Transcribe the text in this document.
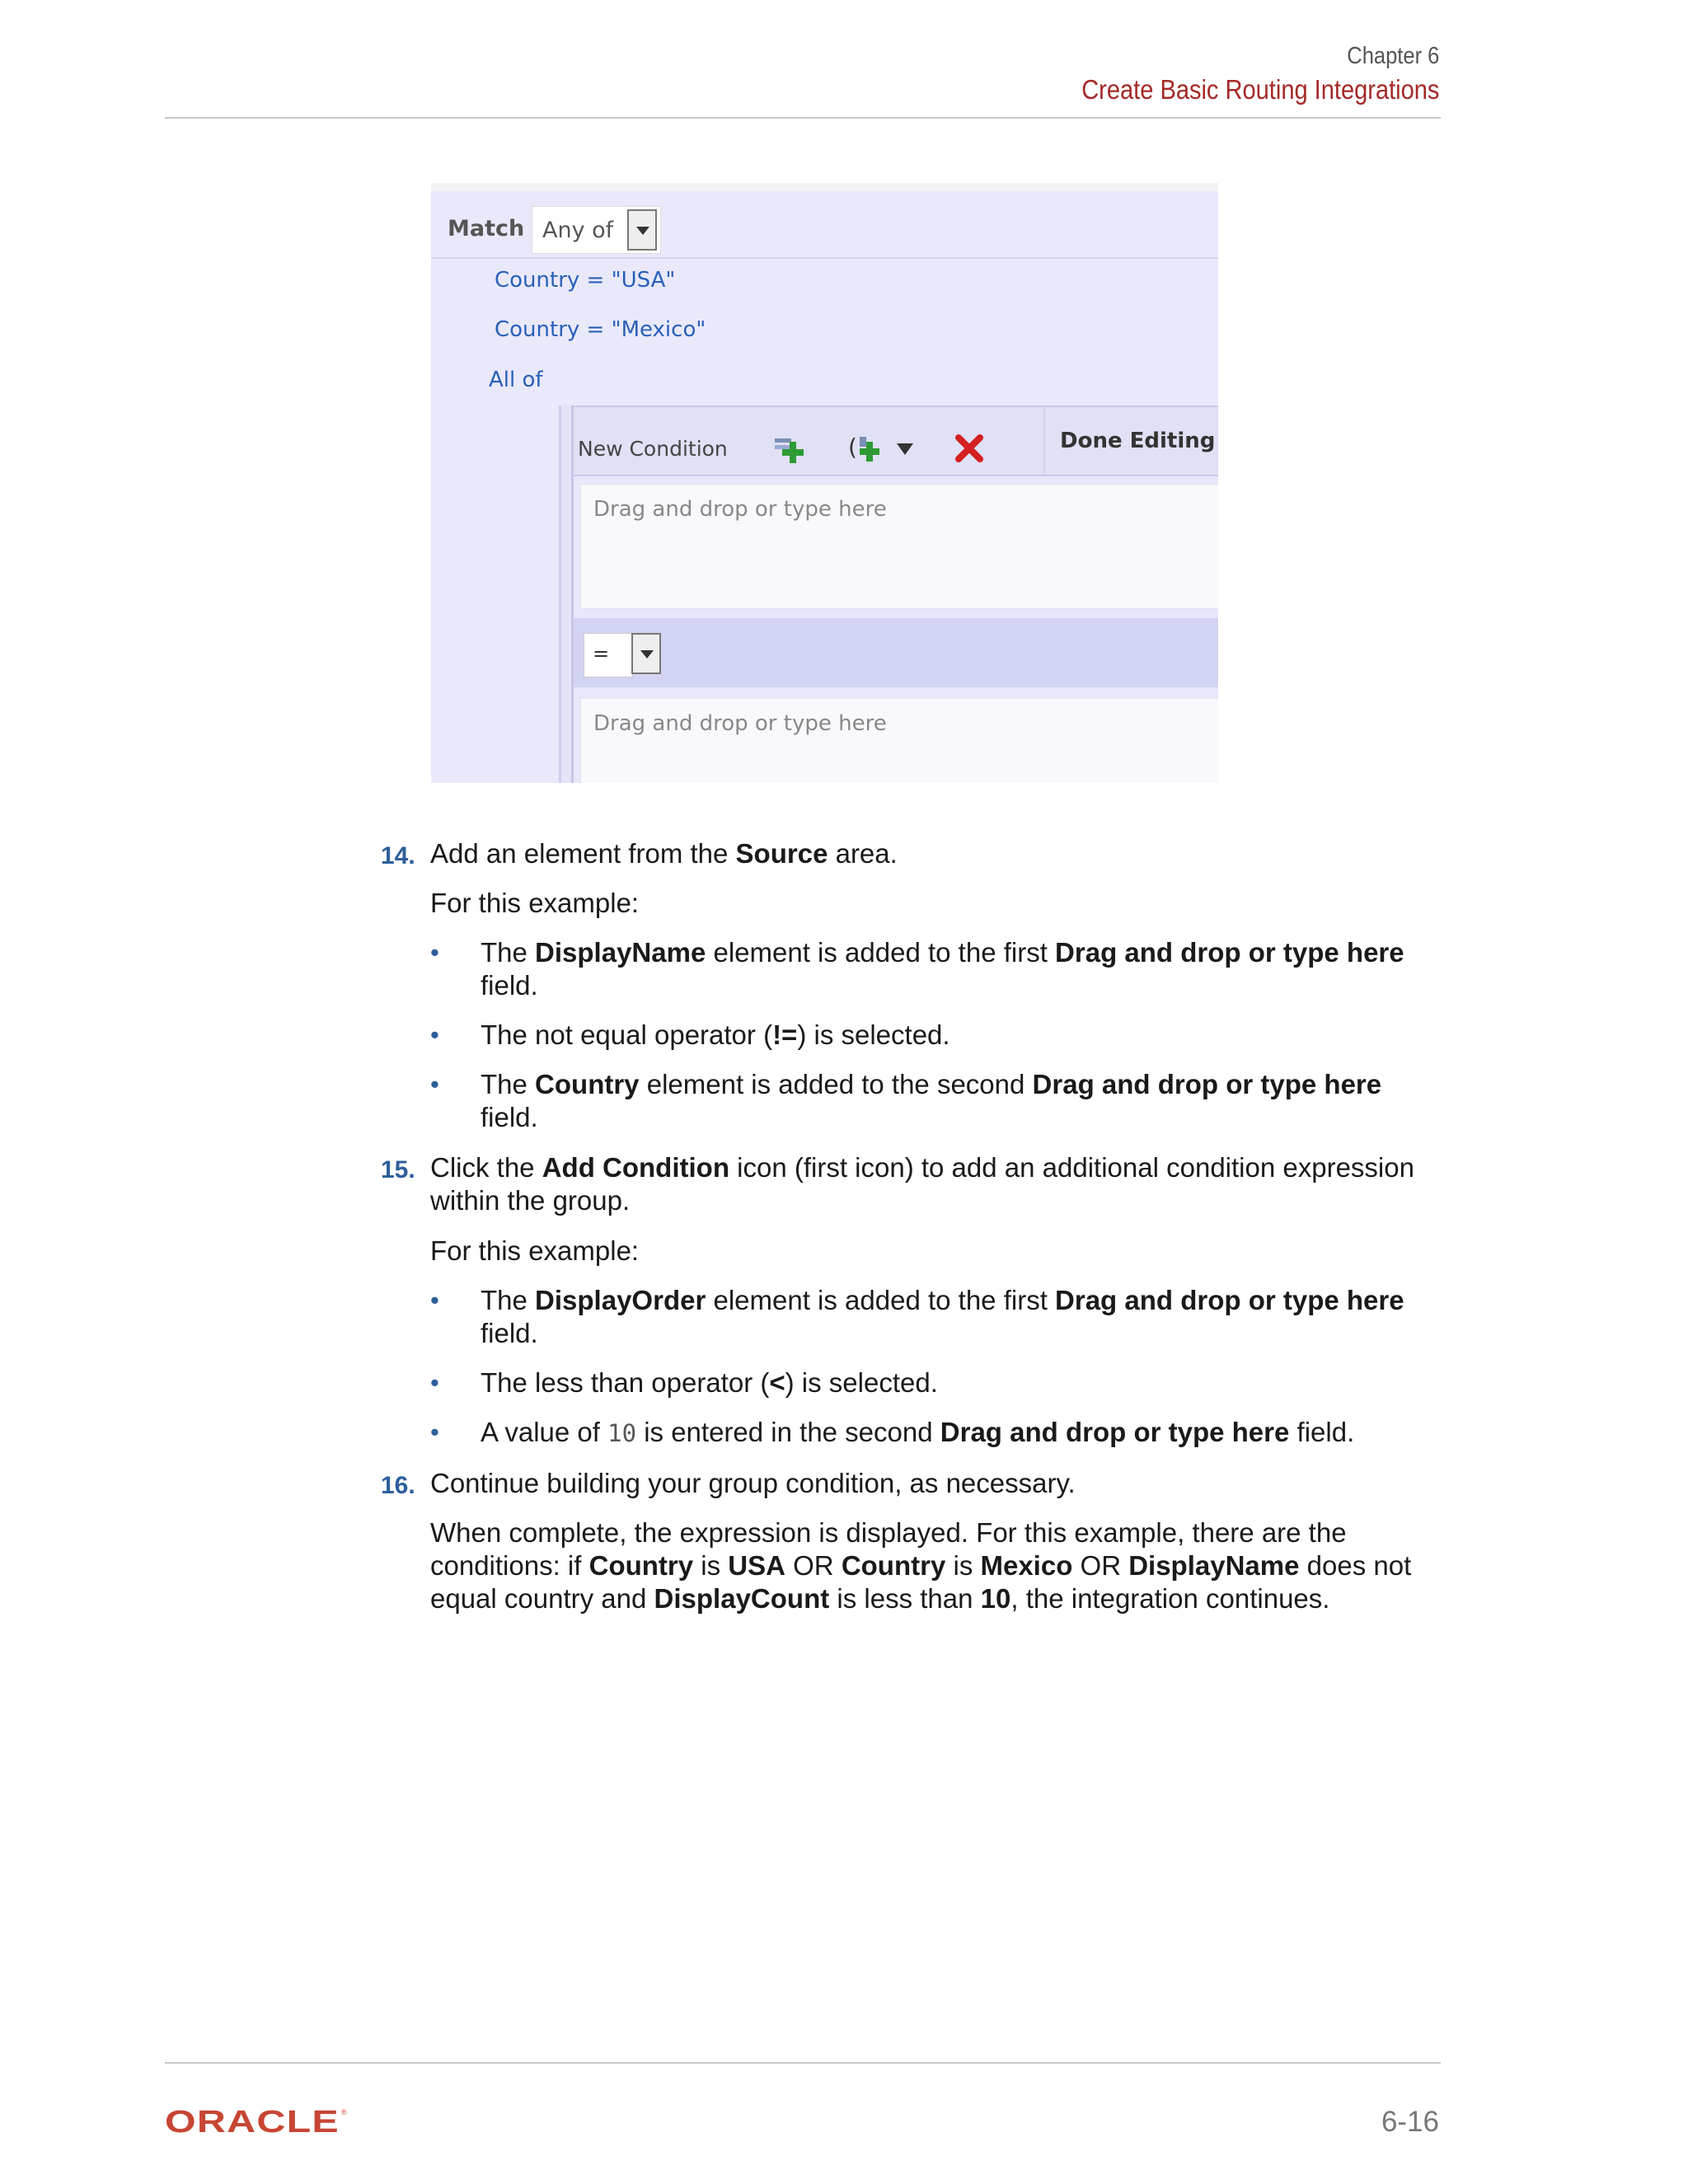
Chapter 6
Create Basic Routing Integrations
Match Any of
Country = "USA"
Country = "Mexico"
All of
New Condition	(	Done Editing
Drag and drop or type here
=
Drag and drop or type here
14. Add an element from the Source area.
For this example:
• The DisplayName element is added to the first Drag and drop or type here field.
• The not equal operator (!=) is selected.
• The Country element is added to the second Drag and drop or type here field.
15. Click the Add Condition icon (first icon) to add an additional condition expression within the group.
For this example:
• The DisplayOrder element is added to the first Drag and drop or type here field.
• The less than operator (<) is selected.
• A value of 10 is entered in the second Drag and drop or type here field.
16. Continue building your group condition, as necessary.
When complete, the expression is displayed. For this example, there are the conditions: if Country is USA OR Country is Mexico OR DisplayName does not equal country and DisplayCount is less than 10, the integration continues.
ORACLE ®	6-16
